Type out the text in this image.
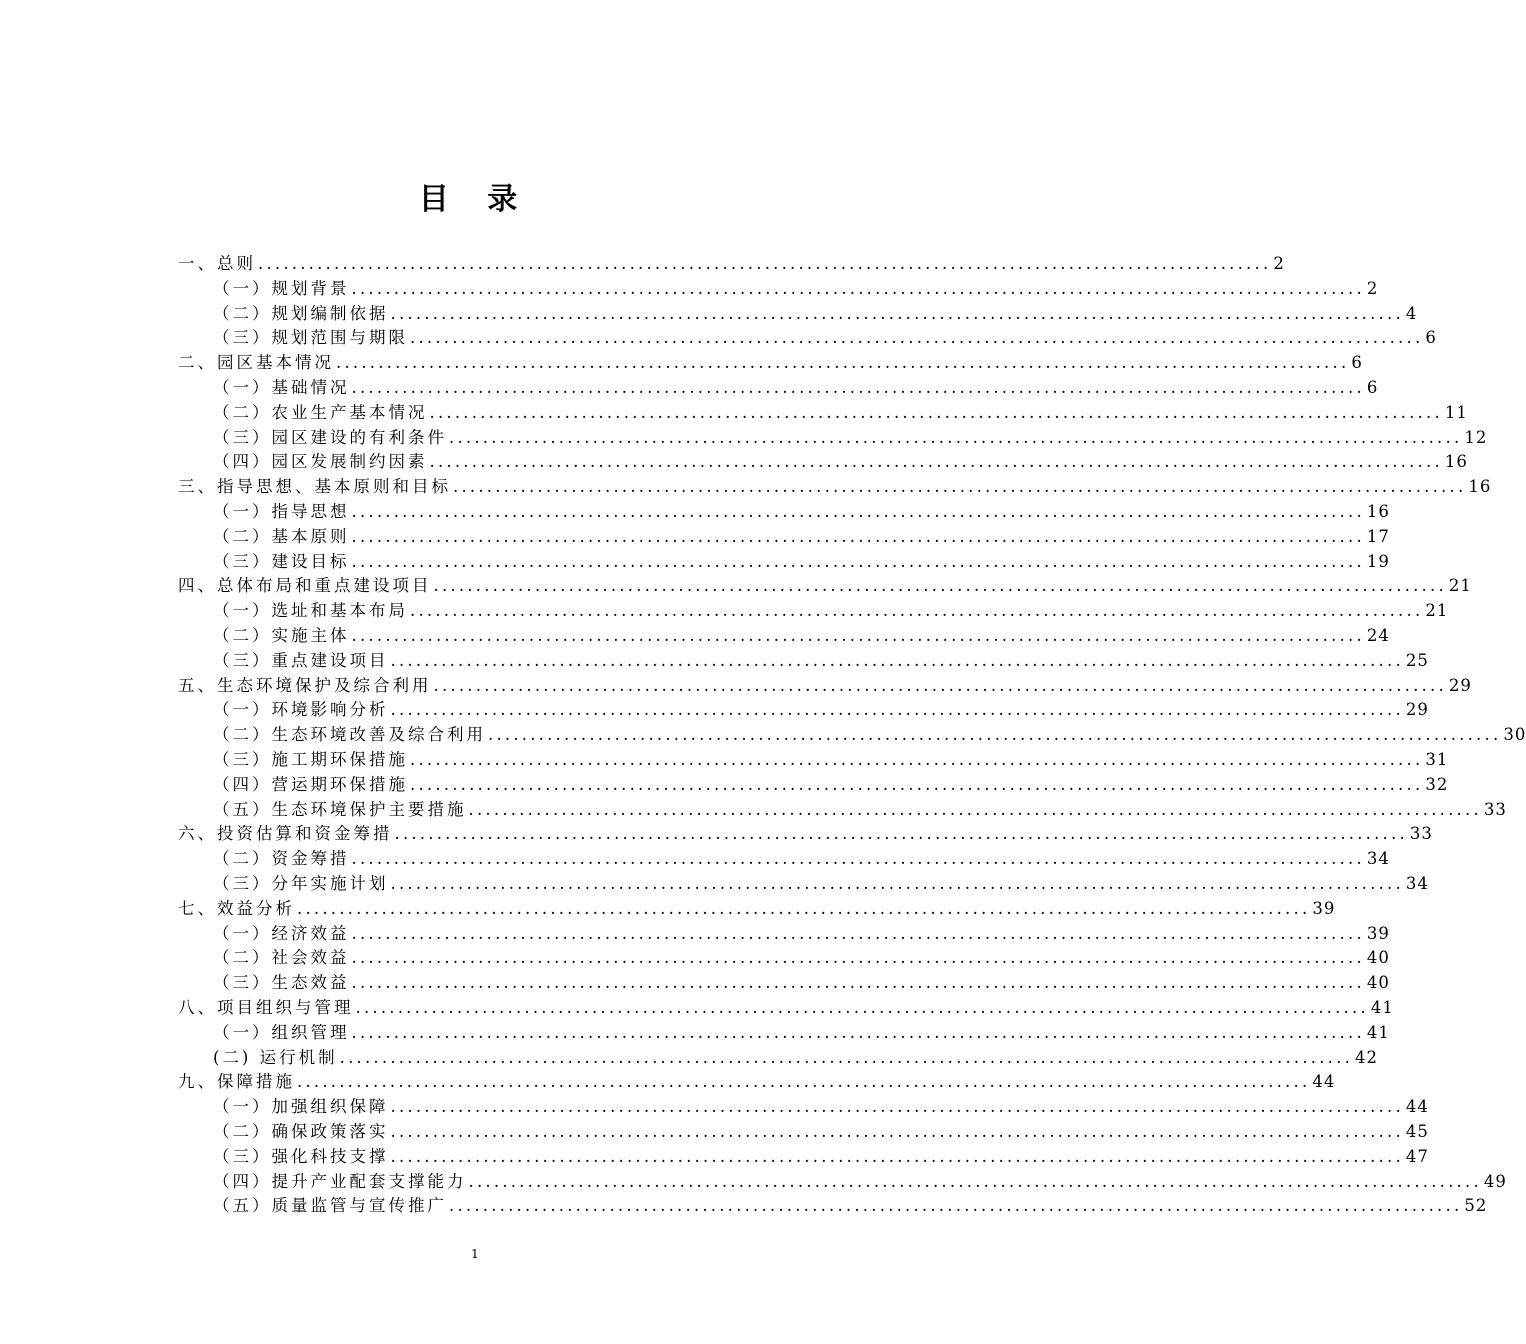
目 录
一、总则 ........................................................................................................................ 2
（一）规划背景 ........................................................................................................................ 2
（二）规划编制依据 ........................................................................................................................ 4
（三）规划范围与期限 ........................................................................................................................ 6
二、园区基本情况 ........................................................................................................................ 6
（一）基础情况 ........................................................................................................................ 6
（二）农业生产基本情况 ........................................................................................................................ 11
（三）园区建设的有利条件 ........................................................................................................................ 12
（四）园区发展制约因素 ........................................................................................................................ 16
三、指导思想、基本原则和目标 ........................................................................................................................ 16
（一）指导思想 ........................................................................................................................ 16
（二）基本原则 ........................................................................................................................ 17
（三）建设目标 ........................................................................................................................ 19
四、总体布局和重点建设项目 ........................................................................................................................ 21
（一）选址和基本布局 ........................................................................................................................ 21
（二）实施主体 ........................................................................................................................ 24
（三）重点建设项目 ........................................................................................................................ 25
五、生态环境保护及综合利用 ........................................................................................................................ 29
（一）环境影响分析 ........................................................................................................................ 29
（二）生态环境改善及综合利用 ........................................................................................................................ 30
（三）施工期环保措施 ........................................................................................................................ 31
（四）营运期环保措施 ........................................................................................................................ 32
（五）生态环境保护主要措施 ........................................................................................................................ 33
六、投资估算和资金筹措 ........................................................................................................................ 33
（二）资金筹措 ........................................................................................................................ 34
（三）分年实施计划 ........................................................................................................................ 34
七、效益分析 ........................................................................................................................ 39
（一）经济效益 ........................................................................................................................ 39
（二）社会效益 ........................................................................................................................ 40
（三）生态效益 ........................................................................................................................ 40
八、项目组织与管理 ........................................................................................................................ 41
（一）组织管理 ........................................................................................................................ 41
(二) 运行机制 ........................................................................................................................ 42
九、保障措施 ........................................................................................................................ 44
（一）加强组织保障 ........................................................................................................................ 44
（二）确保政策落实 ........................................................................................................................ 45
（三）强化科技支撑 ........................................................................................................................ 47
（四）提升产业配套支撑能力 ........................................................................................................................ 49
（五）质量监管与宣传推广 ........................................................................................................................ 52
1
